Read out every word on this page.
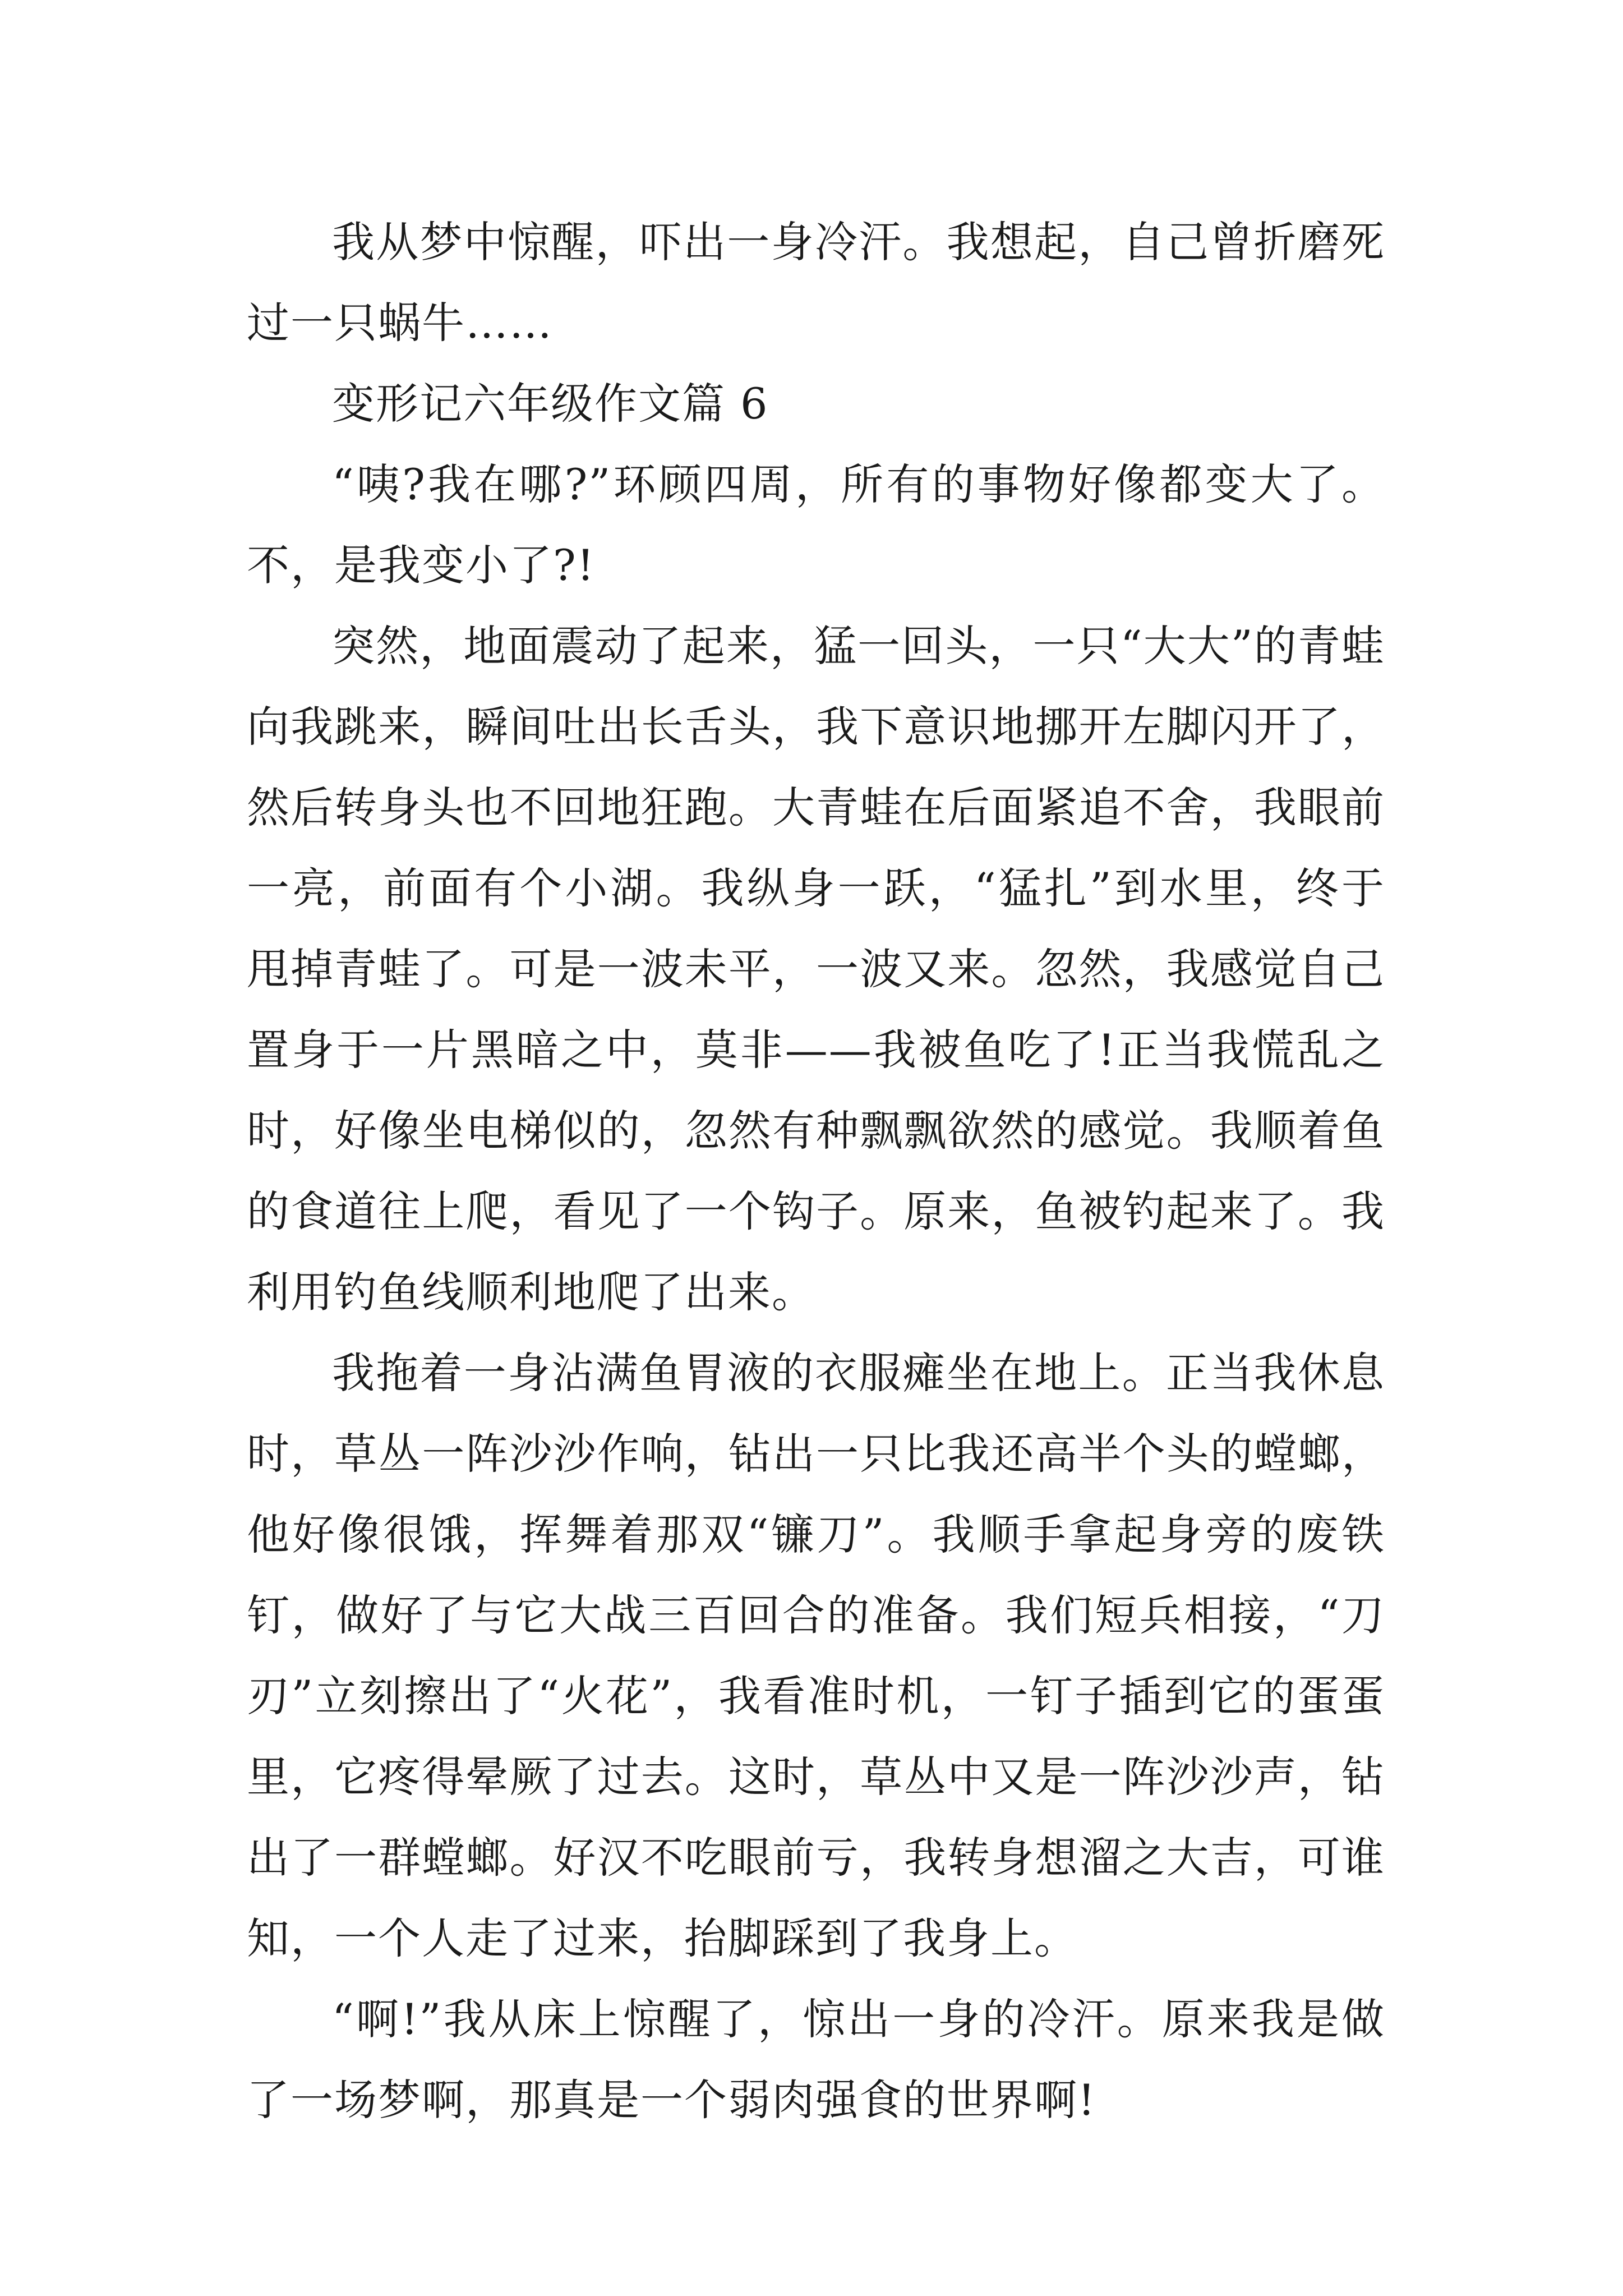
我从梦中惊醒，吓出一身冷汗。我想起，自己曾折磨死过一只蜗牛……

变形记六年级作文篇 6

“咦?我在哪?”环顾四周，所有的事物好像都变大了。不，是我变小了?!

突然，地面震动了起来，猛一回头，一只“大大”的青蛙向我跳来，瞬间吐出长舌头，我下意识地挪开左脚闪开了，然后转身头也不回地狂跑。大青蛙在后面紧追不舍，我眼前一亮，前面有个小湖。我纵身一跃，“猛扎”到水里，终于甩掉青蛙了。可是一波未平，一波又来。忽然，我感觉自己置身于一片黑暗之中，莫非——我被鱼吃了!正当我慌乱之时，好像坐电梯似的，忽然有种飘飘欲然的感觉。我顺着鱼的食道往上爬，看见了一个钩子。原来，鱼被钓起来了。我利用钓鱼线顺利地爬了出来。

我拖着一身沾满鱼胃液的衣服瘫坐在地上。正当我休息时，草丛一阵沙沙作响，钻出一只比我还高半个头的螳螂，他好像很饿，挥舞着那双“镰刀”。我顺手拿起身旁的废铁钉，做好了与它大战三百回合的准备。我们短兵相接，“刀刃”立刻擦出了“火花”，我看准时机，一钉子插到它的蛋蛋里，它疼得晕厥了过去。这时，草丛中又是一阵沙沙声，钻出了一群螳螂。好汉不吃眼前亏，我转身想溜之大吉，可谁知，一个人走了过来，抬脚踩到了我身上。

“啊!”我从床上惊醒了，惊出一身的冷汗。原来我是做了一场梦啊，那真是一个弱肉强食的世界啊!
